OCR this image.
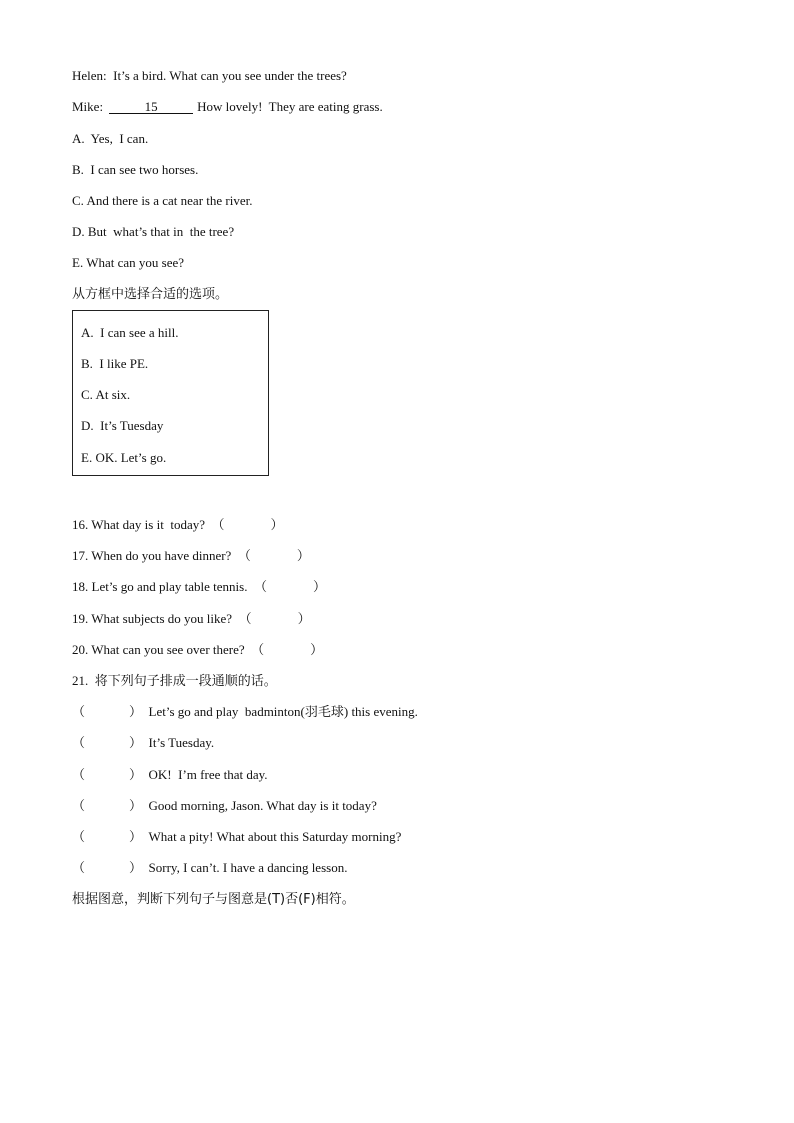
Helen: It’s a bird. What can you see under the trees?
Mike:	15	How lovely!  They are eating grass.
A.  Yes,  I can.
B.  I can see two horses.
C. And there is a cat near the river.
D. But  what’s that in  the tree?
E. What can you see?
从方框中选择合适的选项。
A.  I can see a hill.
B.  I like PE.
C. At six.
D.  It’s Tuesday
E. OK. Let’s go.
16. What day is it  today? （	）
17. When do you have dinner? （	）
18. Let’s go and play table tennis. （	）
19. What subjects do you like? （	）
20. What can you see over there? （	）
21. 将下列句子排成一段通顺的话。
（	） Let’s go and play  badminton(羽毛球) this evening.
（	） It’s Tuesday.
（	） OK!  I’m free that day.
（	） Good morning, Jason. What day is it today?
（	） What a pity! What about this Saturday morning?
（	） Sorry, I can’t. I have a dancing lesson.
根据图意，判断下列句子与图意是(T)否(F)相符。
